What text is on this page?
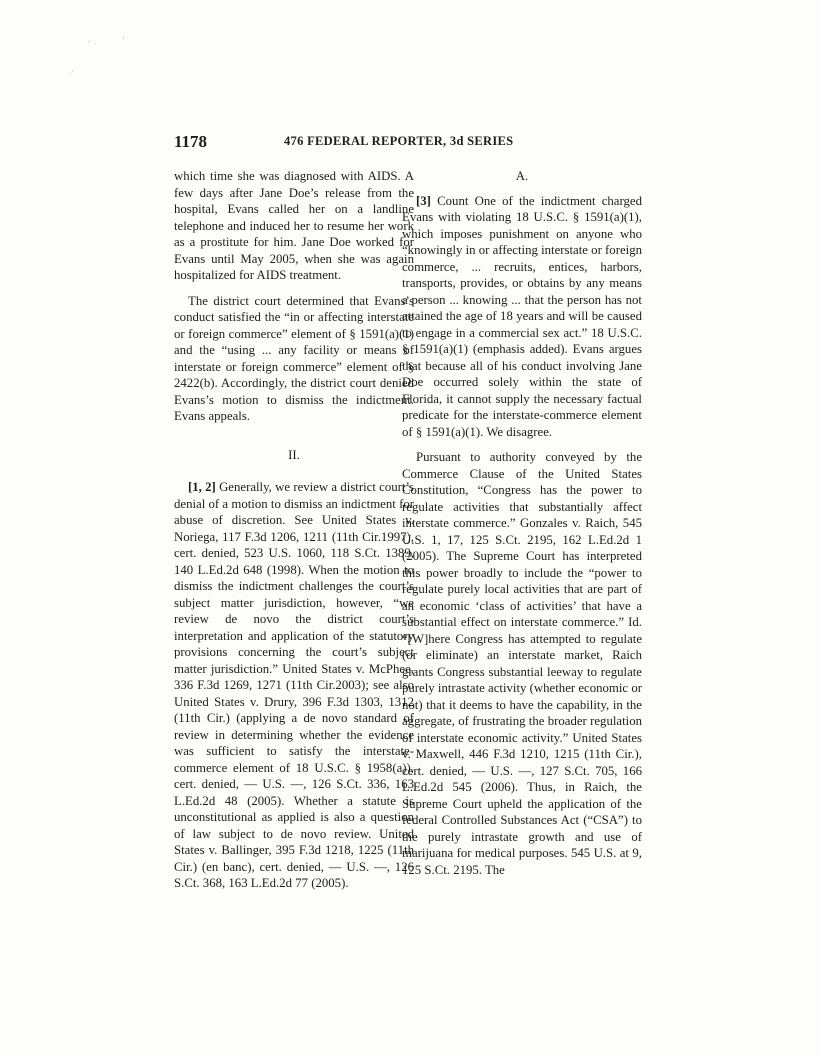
‘ ·	‘
·’
1178	476 FEDERAL REPORTER, 3d SERIES

which time she was diagnosed with AIDS. A few days after Jane Doe’s release from the hospital, Evans called her on a landline telephone and induced her to resume her work as a prostitute for him. Jane Doe worked for Evans until May 2005, when she was again hospitalized for AIDS treatment.

The district court determined that Evans’s conduct satisfied the “in or affecting interstate or foreign commerce” element of § 1591(a)(1) and the “using ... any facility or means of interstate or foreign commerce” element of § 2422(b). Accordingly, the district court denied Evans’s motion to dismiss the indictment. Evans appeals.

II.

[1, 2] Generally, we review a district court’s denial of a motion to dismiss an indictment for abuse of discretion. See United States v. Noriega, 117 F.3d 1206, 1211 (11th Cir.1997), cert. denied, 523 U.S. 1060, 118 S.Ct. 1389, 140 L.Ed.2d 648 (1998). When the motion to dismiss the indictment challenges the court’s subject matter jurisdiction, however, “we review de novo the district court’s interpretation and application of the statutory provisions concerning the court’s subject matter jurisdiction.” United States v. McPhee, 336 F.3d 1269, 1271 (11th Cir.2003); see also United States v. Drury, 396 F.3d 1303, 1312 (11th Cir.) (applying a de novo standard of review in determining whether the evidence was sufficient to satisfy the interstate-commerce element of 18 U.S.C. § 1958(a)), cert. denied, — U.S. —, 126 S.Ct. 336, 163 L.Ed.2d 48 (2005). Whether a statute is unconstitutional as applied is also a question of law subject to de novo review. United States v. Ballinger, 395 F.3d 1218, 1225 (11th Cir.) (en banc), cert. denied, — U.S. —, 126 S.Ct. 368, 163 L.Ed.2d 77 (2005).

A.

[3] Count One of the indictment charged Evans with violating 18 U.S.C. § 1591(a)(1), which imposes punishment on anyone who “knowingly in or affecting interstate or foreign commerce, ... recruits, entices, harbors, transports, provides, or obtains by any means a person ... knowing ... that the person has not attained the age of 18 years and will be caused to engage in a commercial sex act.” 18 U.S.C. § 1591(a)(1) (emphasis added). Evans argues that because all of his conduct involving Jane Doe occurred solely within the state of Florida, it cannot supply the necessary factual predicate for the interstate-commerce element of § 1591(a)(1). We disagree.

Pursuant to authority conveyed by the Commerce Clause of the United States Constitution, “Congress has the power to regulate activities that substantially affect interstate commerce.” Gonzales v. Raich, 545 U.S. 1, 17, 125 S.Ct. 2195, 162 L.Ed.2d 1 (2005). The Supreme Court has interpreted this power broadly to include the “power to regulate purely local activities that are part of an economic ‘class of activities’ that have a substantial effect on interstate commerce.” Id. “[W]here Congress has attempted to regulate (or eliminate) an interstate market, Raich grants Congress substantial leeway to regulate purely intrastate activity (whether economic or not) that it deems to have the capability, in the aggregate, of frustrating the broader regulation of interstate economic activity.” United States v. Maxwell, 446 F.3d 1210, 1215 (11th Cir.), cert. denied, — U.S. —, 127 S.Ct. 705, 166 L.Ed.2d 545 (2006). Thus, in Raich, the Supreme Court upheld the application of the federal Controlled Substances Act (“CSA”) to the purely intrastate growth and use of marijuana for medical purposes. 545 U.S. at 9, 125 S.Ct. 2195. The
